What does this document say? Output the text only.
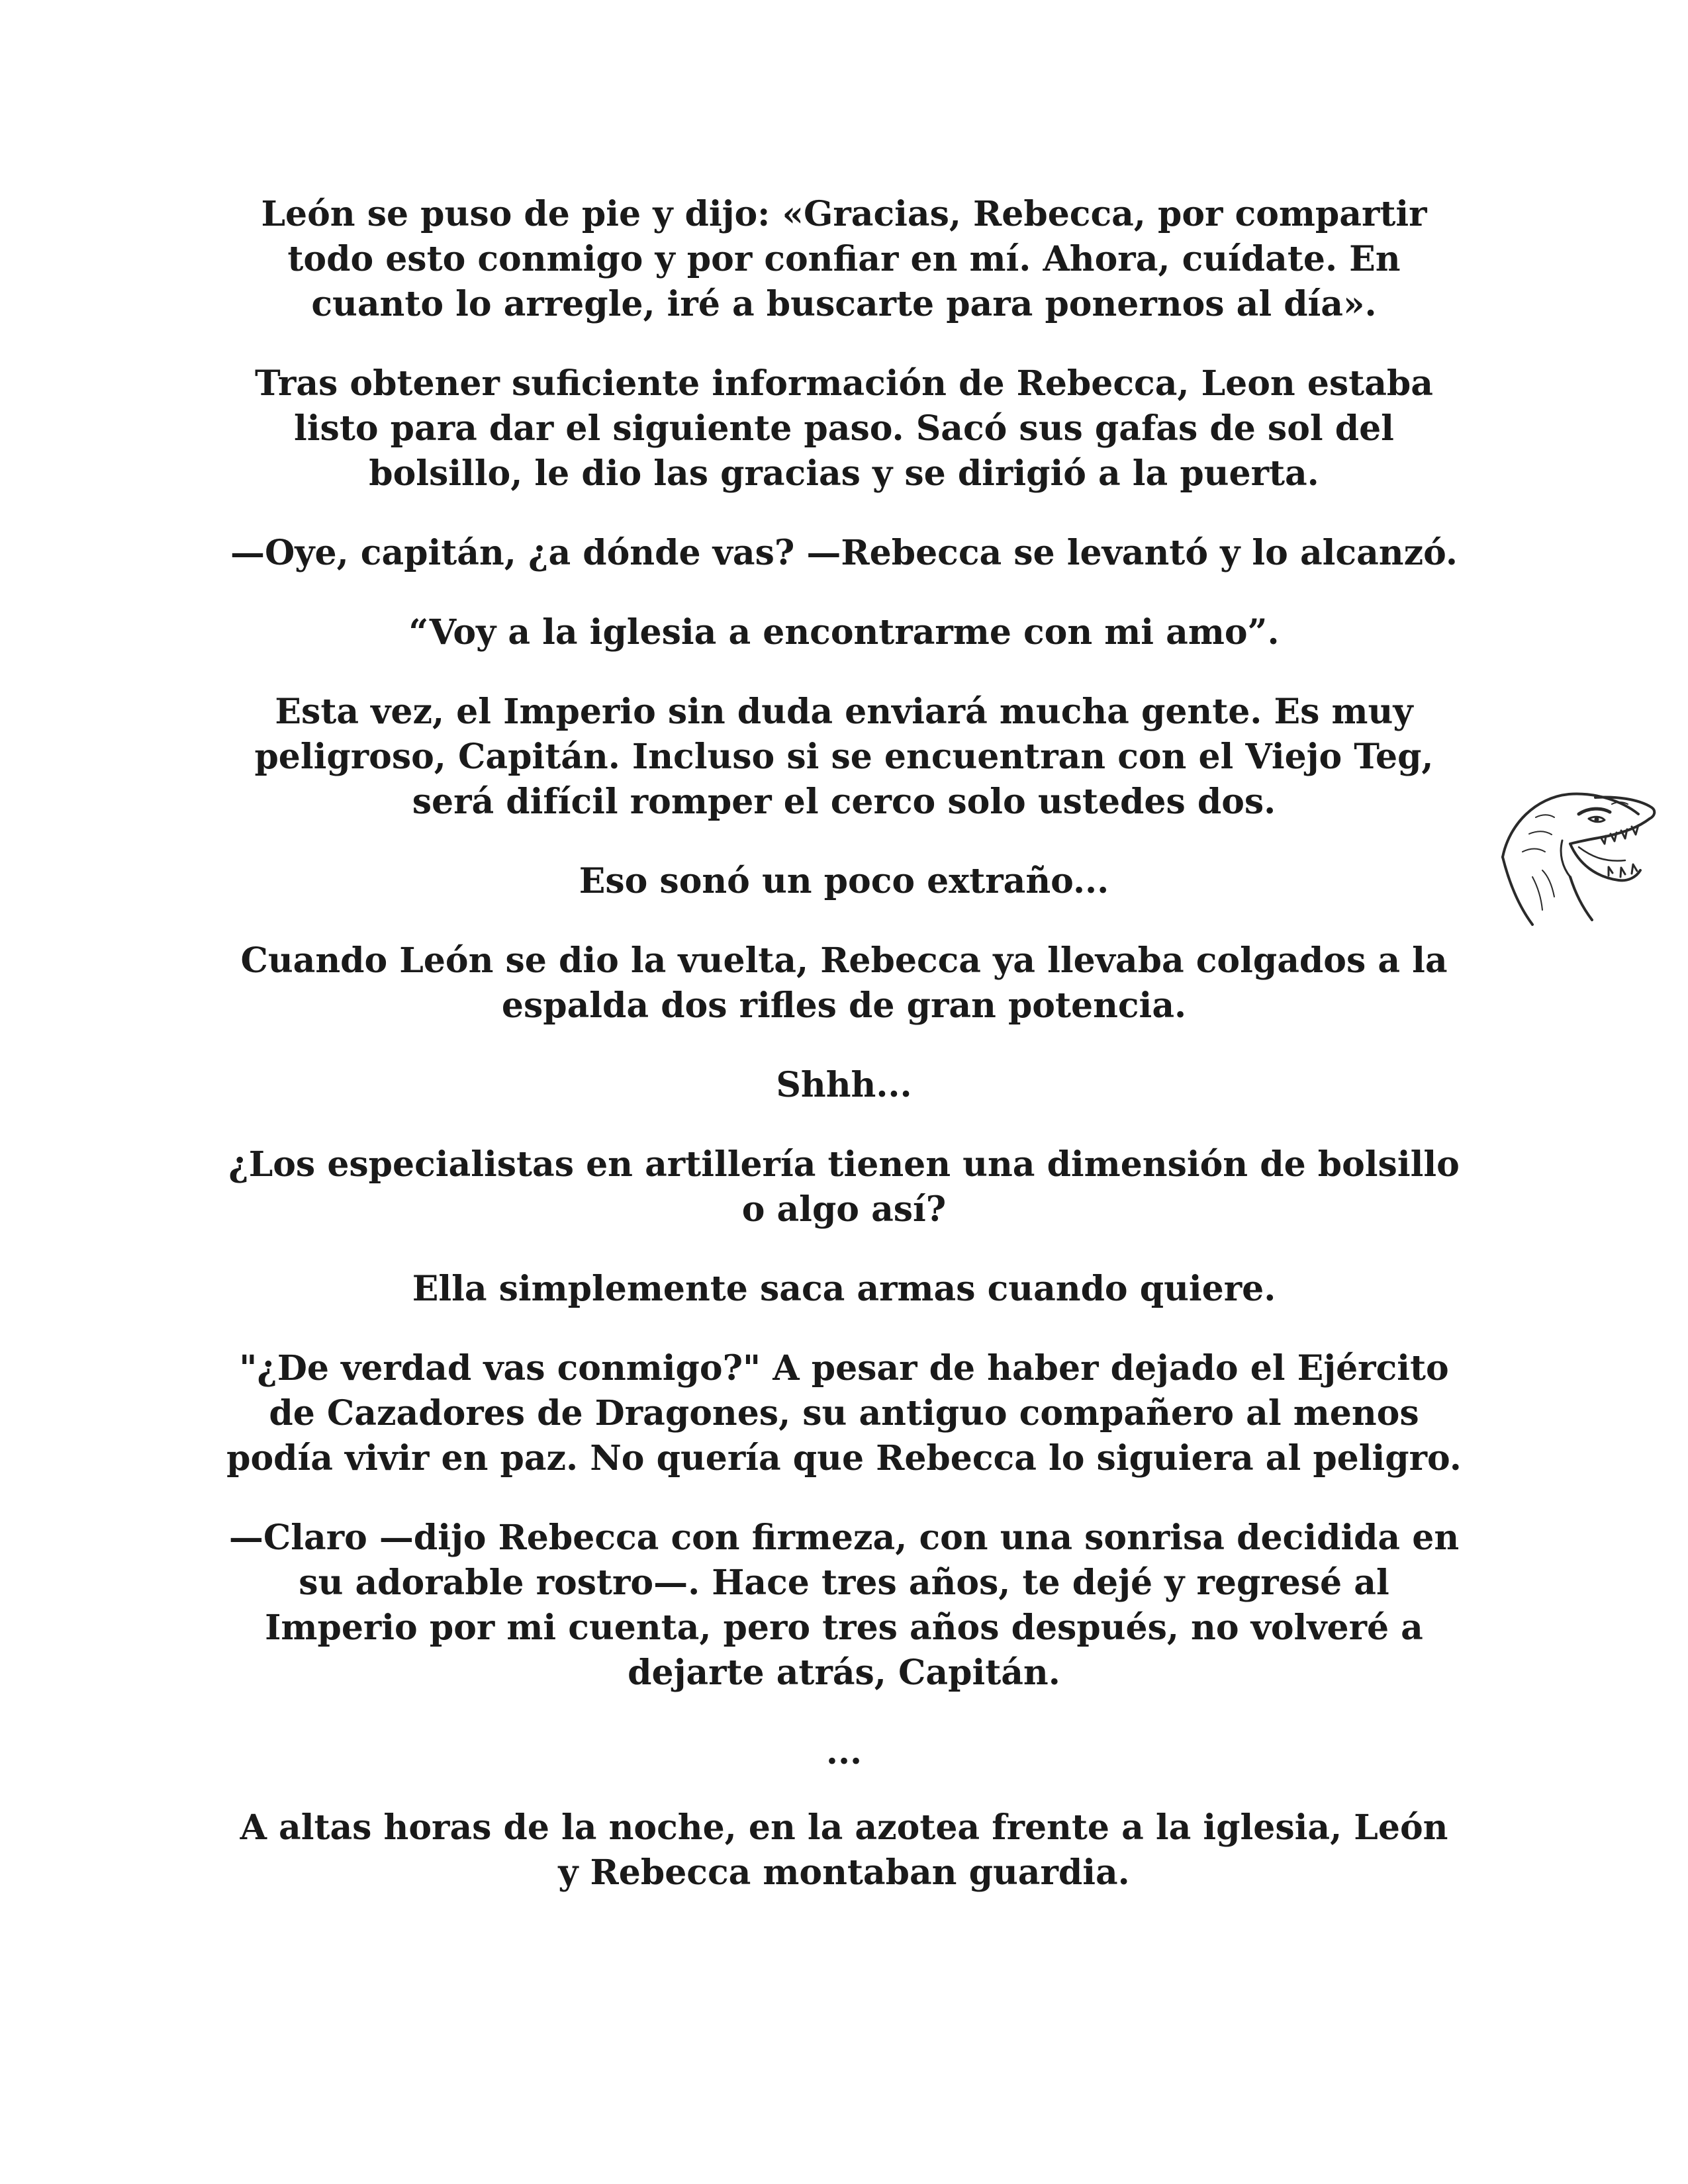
León se puso de pie y dijo: «Gracias, Rebecca, por compartir todo esto conmigo y por confiar en mí. Ahora, cuídate. En cuanto lo arregle, iré a buscarte para ponernos al día».

Tras obtener suficiente información de Rebecca, Leon estaba listo para dar el siguiente paso. Sacó sus gafas de sol del bolsillo, le dio las gracias y se dirigió a la puerta.

—Oye, capitán, ¿a dónde vas? —Rebecca se levantó y lo alcanzó.

“Voy a la iglesia a encontrarme con mi amo”.

Esta vez, el Imperio sin duda enviará mucha gente. Es muy peligroso, Capitán. Incluso si se encuentran con el Viejo Teg, será difícil romper el cerco solo ustedes dos.

Eso sonó un poco extraño...

Cuando León se dio la vuelta, Rebecca ya llevaba colgados a la espalda dos rifles de gran potencia.

Shhh...

¿Los especialistas en artillería tienen una dimensión de bolsillo o algo así?

Ella simplemente saca armas cuando quiere.

"¿De verdad vas conmigo?" A pesar de haber dejado el Ejército de Cazadores de Dragones, su antiguo compañero al menos podía vivir en paz. No quería que Rebecca lo siguiera al peligro.

—Claro —dijo Rebecca con firmeza, con una sonrisa decidida en su adorable rostro—. Hace tres años, te dejé y regresé al Imperio por mi cuenta, pero tres años después, no volveré a dejarte atrás, Capitán.

...

A altas horas de la noche, en la azotea frente a la iglesia, León y Rebecca montaban guardia.
